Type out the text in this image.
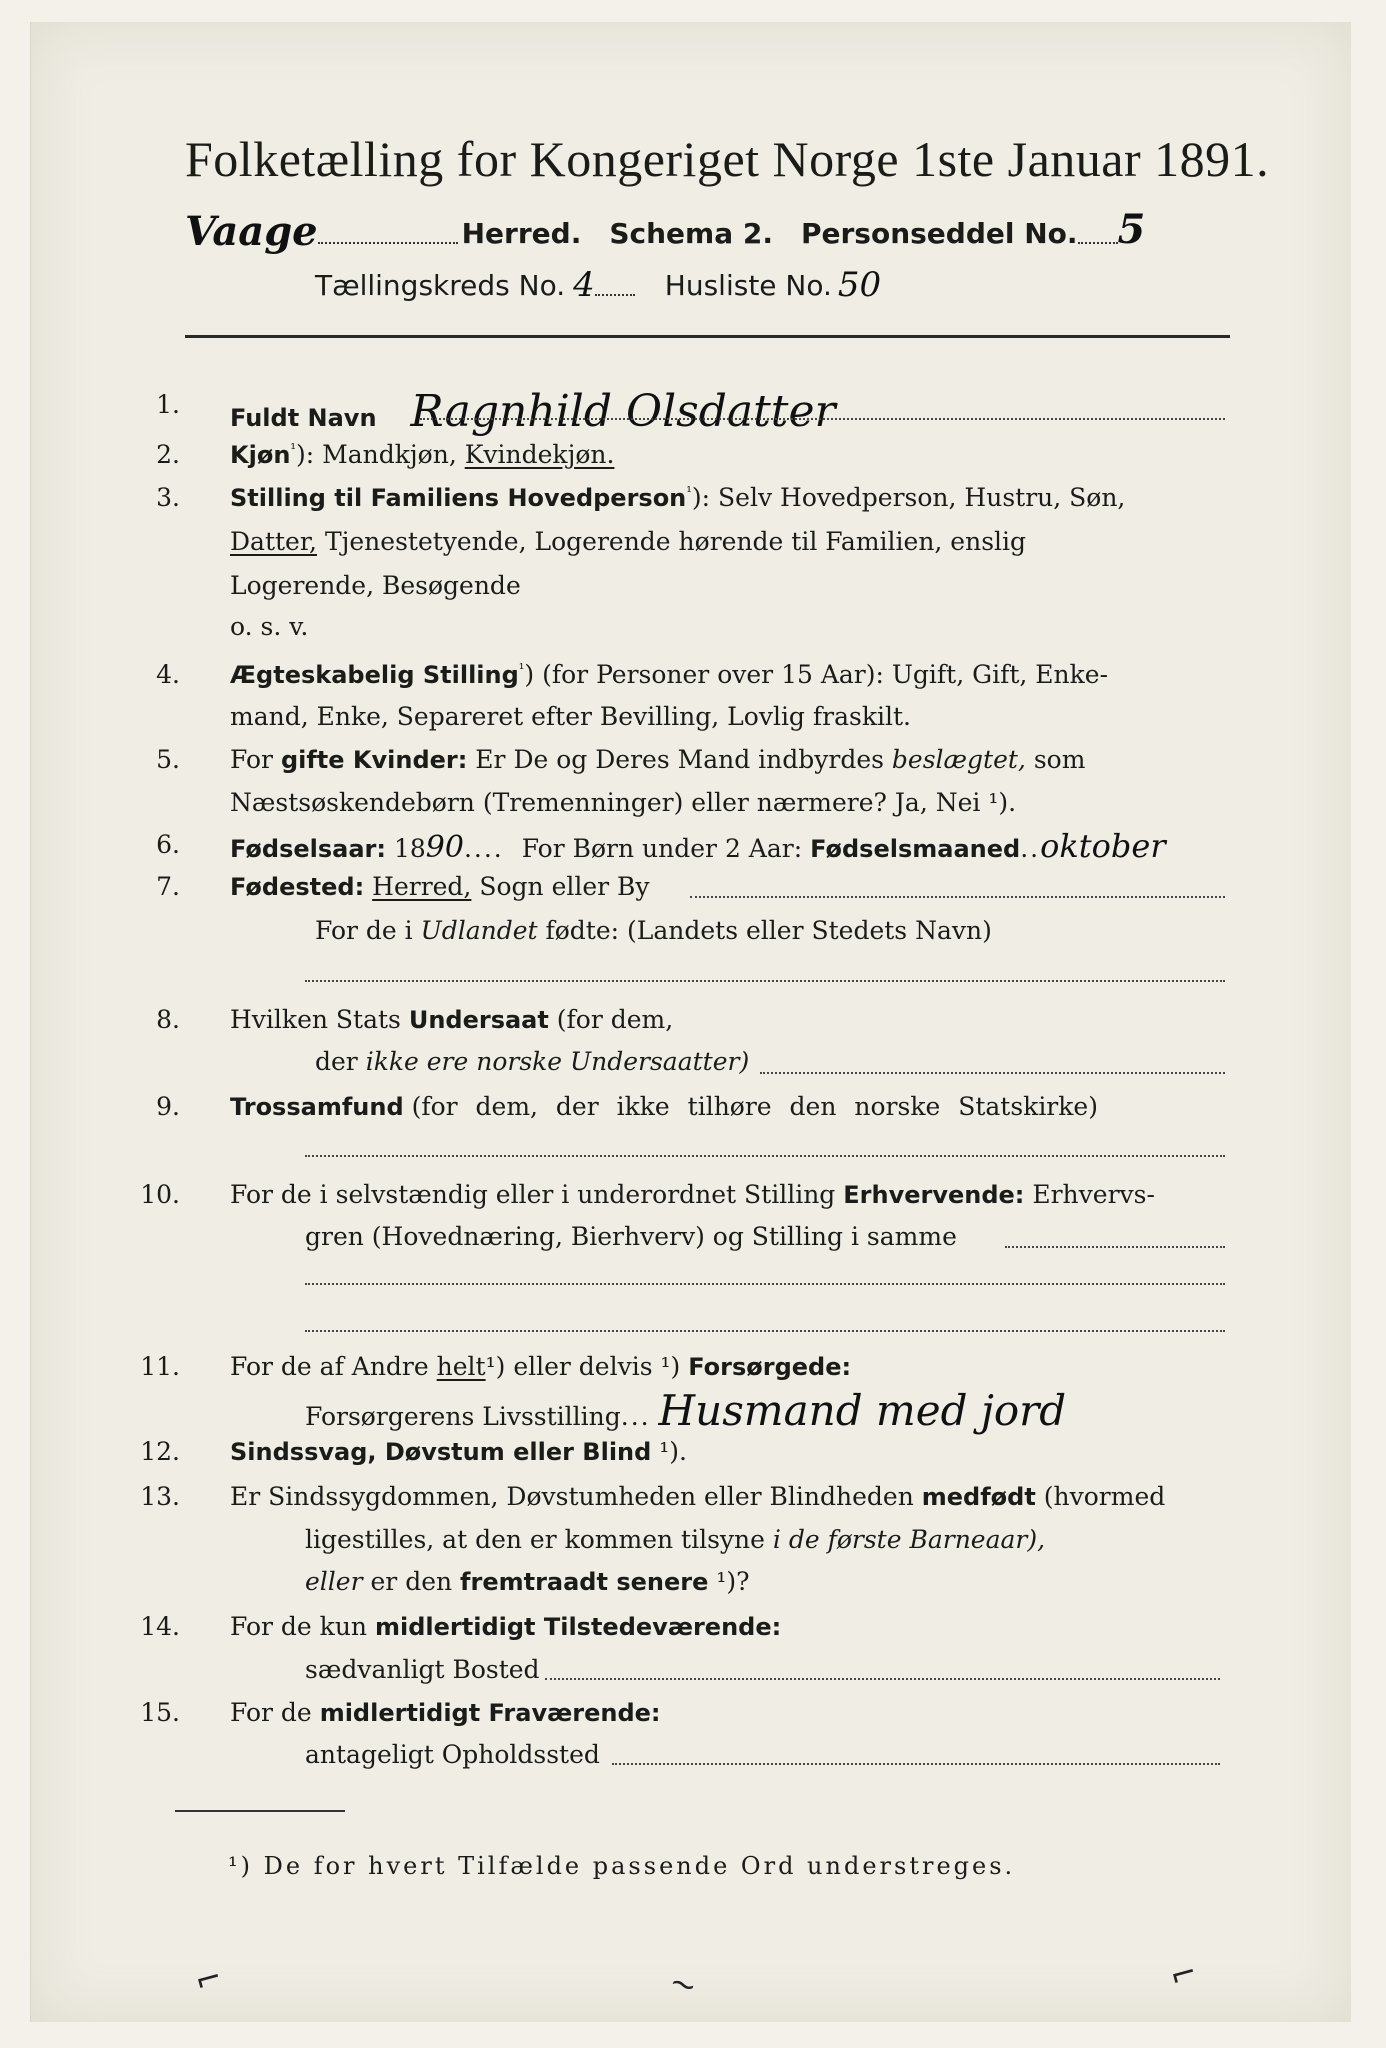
Folketælling for Kongeriget Norge 1ste Januar 1891.
Vaage	Herred. Schema 2. Personseddel No. 5
Tællingskreds No. 4	Husliste No. 50
1. Fuldt Navn Ragnhild Olsdatter
2. Kjøn$^{^1}$): Mandkjøn, Kvindekjøn.
3. Stilling til Familiens Hovedperson$^{^1}$): Selv Hovedperson, Hustru, Søn,
Datter, Tjenestetyende, Logerende hørende til Familien, enslig
Logerende, Besøgende
o. s. v.
4. Ægteskabelig Stilling$^{^1}$) (for Personer over 15 Aar): Ugift, Gift, Enke-
mand, Enke, Separeret efter Bevilling, Lovlig fraskilt.
5. For gifte Kvinder: Er De og Deres Mand indbyrdes beslægtet, som
Næstsøskendebørn (Tremenninger) eller nærmere? Ja, Nei ¹).
6. Fødselsaar: 1890.... For Børn under 2 Aar: Fødselsmaaned..oktober
7. Fødested: Herred, Sogn eller By
For de i Udlandet fødte: (Landets eller Stedets Navn)
8. Hvilken Stats Undersaat (for dem,
der ikke ere norske Undersaatter)
9. Trossamfund (for dem, der ikke tilhøre den norske Statskirke)
10. For de i selvstændig eller i underordnet Stilling Erhvervende: Erhvervs-
gren (Hovednæring, Bierhverv) og Stilling i samme
11. For de af Andre helt¹) eller delvis ¹) Forsørgede:
Forsørgerens Livsstilling... Husmand med jord
12. Sindssvag, Døvstum eller Blind ¹).
13. Er Sindssygdommen, Døvstumheden eller Blindheden medfødt (hvormed
ligestilles, at den er kommen tilsyne i de første Barneaar),
eller er den fremtraadt senere ¹)?
14. For de kun midlertidigt Tilstedeværende:
sædvanligt Bosted
15. For de midlertidigt Fraværende:
antageligt Opholdssted
¹) De for hvert Tilfælde passende Ord understreges.
⌐	~	⌐
